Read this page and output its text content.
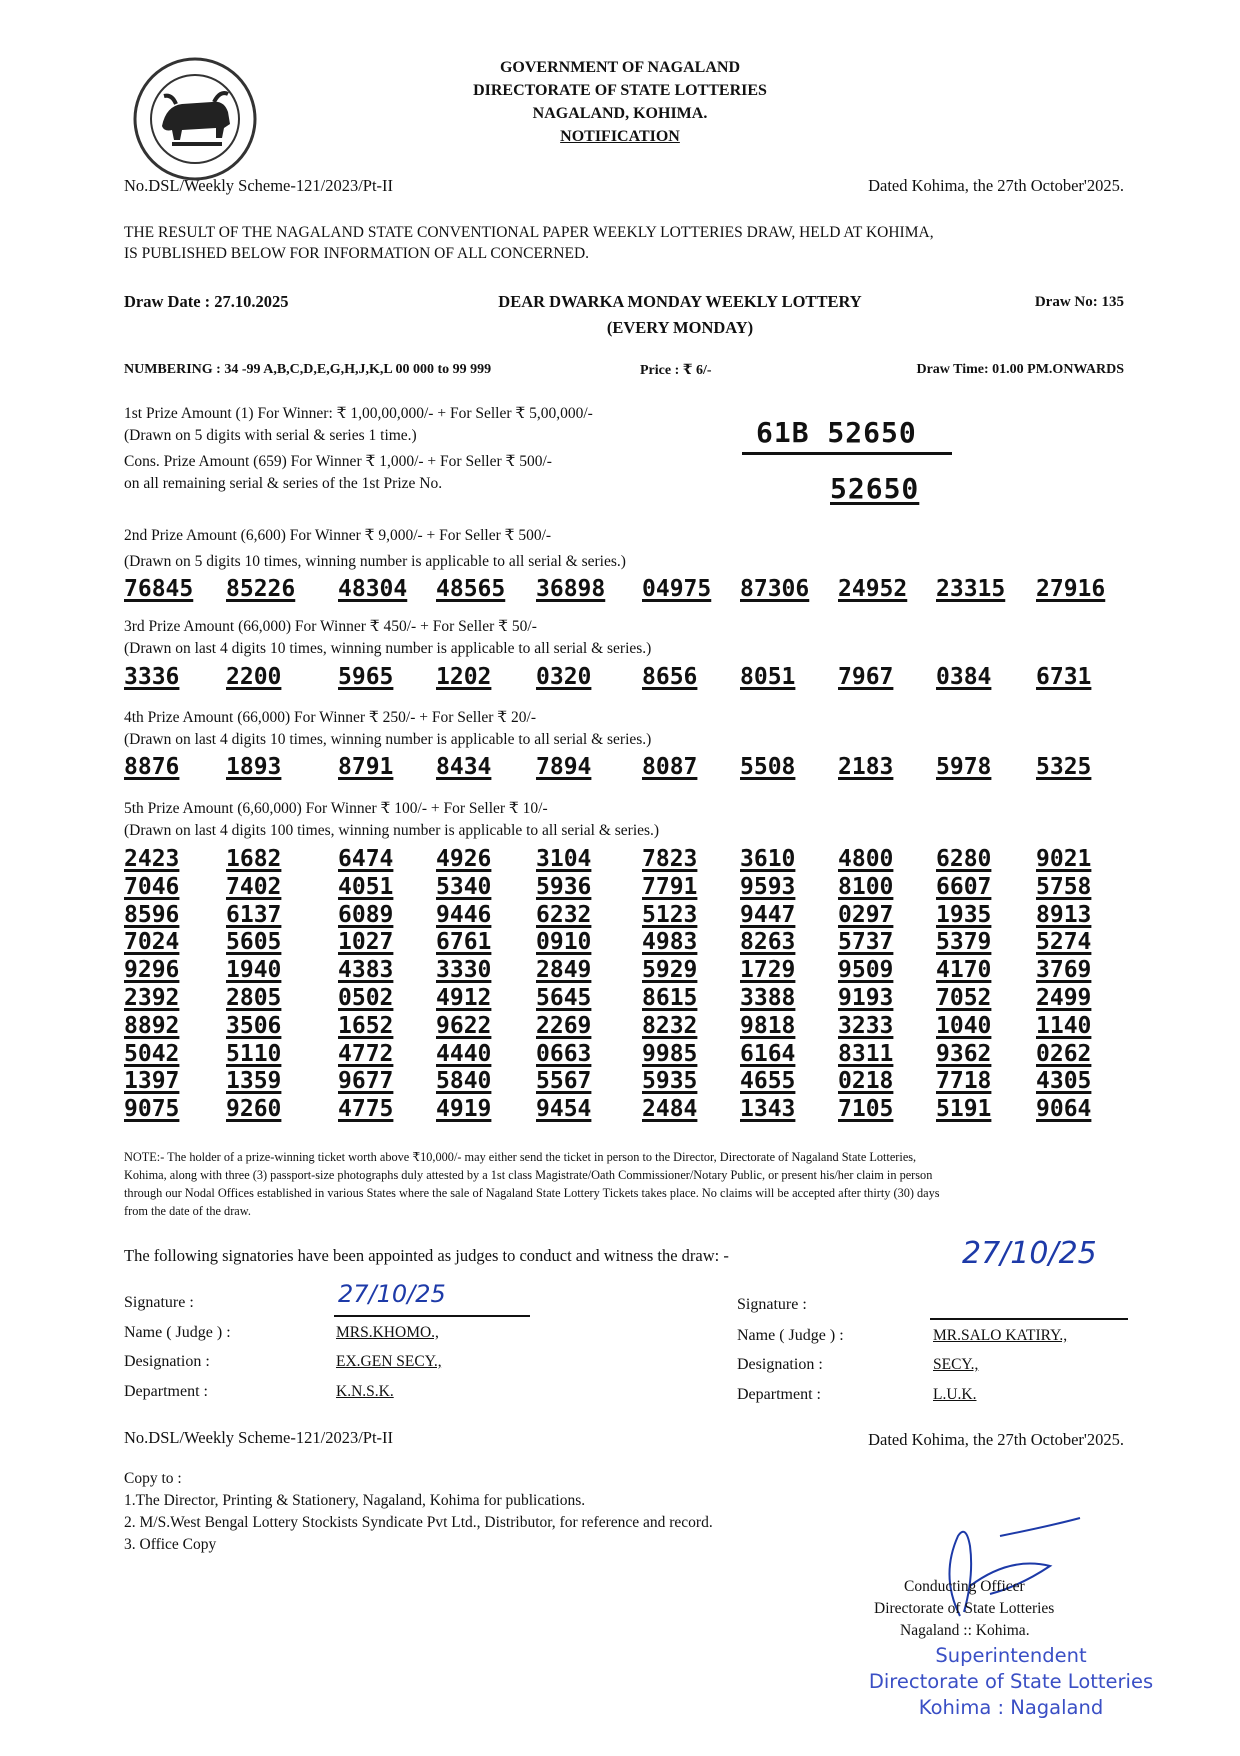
GOVERNMENT OF NAGALAND
DIRECTORATE OF STATE LOTTERIES
NAGALAND, KOHIMA.
NOTIFICATION
No.DSL/Weekly Scheme-121/2023/Pt-II	Dated Kohima, the 27th October'2025.
THE RESULT OF THE NAGALAND STATE CONVENTIONAL PAPER WEEKLY LOTTERIES DRAW, HELD AT KOHIMA,
IS PUBLISHED BELOW FOR INFORMATION OF ALL CONCERNED.
Draw Date : 27.10.2025	DEAR DWARKA MONDAY WEEKLY LOTTERY
(EVERY MONDAY)
Draw No: 135
NUMBERING : 34 -99 A,B,C,D,E,G,H,J,K,L 00 000 to 99 999	Price : ₹ 6/-	Draw Time: 01.00 PM.ONWARDS
1st Prize Amount (1) For Winner: ₹ 1,00,00,000/- + For Seller ₹ 5,00,000/-
(Drawn on 5 digits with serial & series 1 time.)	61B 52650
Cons. Prize Amount (659) For Winner ₹ 1,000/- + For Seller ₹ 500/-
on all remaining serial & series of the 1st Prize No.	52650
2nd Prize Amount (6,600) For Winner ₹ 9,000/- + For Seller ₹ 500/-
(Drawn on 5 digits 10 times, winning number is applicable to all serial & series.)
76845 85226 48304 48565 36898 04975 87306 24952 23315 27916
3rd Prize Amount (66,000) For Winner ₹ 450/- + For Seller ₹ 50/-
(Drawn on last 4 digits 10 times, winning number is applicable to all serial & series.)
3336 2200 5965 1202 0320 8656 8051 7967 0384 6731
4th Prize Amount (66,000) For Winner ₹ 250/- + For Seller ₹ 20/-
(Drawn on last 4 digits 10 times, winning number is applicable to all serial & series.)
8876 1893 8791 8434 7894 8087 5508 2183 5978 5325
5th Prize Amount (6,60,000) For Winner ₹ 100/- + For Seller ₹ 10/-
(Drawn on last 4 digits 100 times, winning number is applicable to all serial & series.)
2423 1682 6474 4926 3104 7823 3610 4800 6280 9021
7046 7402 4051 5340 5936 7791 9593 8100 6607 5758
8596 6137 6089 9446 6232 5123 9447 0297 1935 8913
7024 5605 1027 6761 0910 4983 8263 5737 5379 5274
9296 1940 4383 3330 2849 5929 1729 9509 4170 3769
2392 2805 0502 4912 5645 8615 3388 9193 7052 2499
8892 3506 1652 9622 2269 8232 9818 3233 1040 1140
5042 5110 4772 4440 0663 9985 6164 8311 9362 0262
1397 1359 9677 5840 5567 5935 4655 0218 7718 4305
9075 9260 4775 4919 9454 2484 1343 7105 5191 9064
NOTE:- The holder of a prize-winning ticket worth above ₹10,000/- may either send the ticket in person to the Director, Directorate of Nagaland State Lotteries,
Kohima, along with three (3) passport-size photographs duly attested by a 1st class Magistrate/Oath Commissioner/Notary Public, or present his/her claim in person
through our Nodal Offices established in various States where the sale of Nagaland State Lottery Tickets takes place. No claims will be accepted after thirty (30) days
from the date of the draw.
The following signatories have been appointed as judges to conduct and witness the draw: -	27/10/25
Signature :	27/10/25
Name ( Judge ) :	MRS.KHOMO.,
Designation :	EX.GEN SECY.,
Department :	K.N.S.K.
Signature :
Name ( Judge ) :	MR.SALO KATIRY.,
Designation :	SECY.,
Department :	L.U.K.
No.DSL/Weekly Scheme-121/2023/Pt-II	Dated Kohima, the 27th October'2025.
Copy to :
1.The Director, Printing & Stationery, Nagaland, Kohima for publications.
2. M/S.West Bengal Lottery Stockists Syndicate Pvt Ltd., Distributor, for reference and record.
3. Office Copy
Conducting Officer
Directorate of State Lotteries
Nagaland :: Kohima.
Superintendent
Directorate of State Lotteries
Kohima : Nagaland
